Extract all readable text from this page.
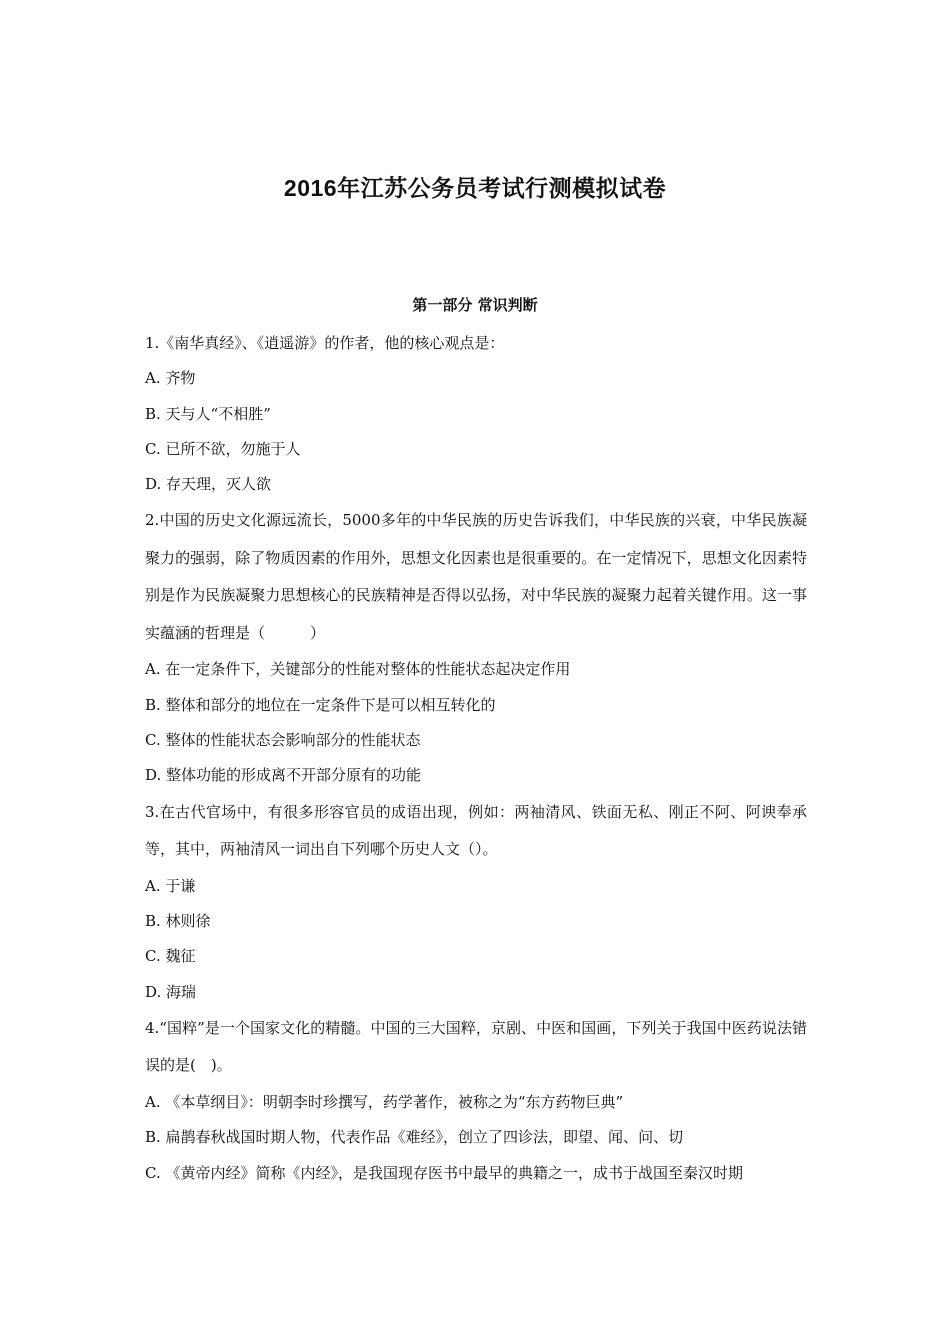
2016年江苏公务员考试行测模拟试卷
第一部分 常识判断
1.《南华真经》、《逍遥游》的作者，他的核心观点是：
A. 齐物
B. 天与人“不相胜”
C. 已所不欲，勿施于人
D. 存天理，灭人欲
2.中国的历史文化源远流长，5000多年的中华民族的历史告诉我们，中华民族的兴衰，中华民族凝聚力的强弱，除了物质因素的作用外，思想文化因素也是很重要的。在一定情况下，思想文化因素特别是作为民族凝聚力思想核心的民族精神是否得以弘扬，对中华民族的凝聚力起着关键作用。这一事实蕴涵的哲理是（　　　）
A. 在一定条件下，关键部分的性能对整体的性能状态起决定作用
B. 整体和部分的地位在一定条件下是可以相互转化的
C. 整体的性能状态会影响部分的性能状态
D. 整体功能的形成离不开部分原有的功能
3.在古代官场中，有很多形容官员的成语出现，例如：两袖清风、铁面无私、刚正不阿、阿谀奉承等，其中，两袖清风一词出自下列哪个历史人文（）。
A. 于谦
B. 林则徐
C. 魏征
D. 海瑞
4.“国粹”是一个国家文化的精髓。中国的三大国粹，京剧、中医和国画，下列关于我国中医药说法错误的是(　)。
A. 《本草纲目》：明朝李时珍撰写，药学著作，被称之为“东方药物巨典”
B. 扁鹊春秋战国时期人物，代表作品《难经》，创立了四诊法，即望、闻、问、切
C. 《黄帝内经》简称《内经》，是我国现存医书中最早的典籍之一，成书于战国至秦汉时期
